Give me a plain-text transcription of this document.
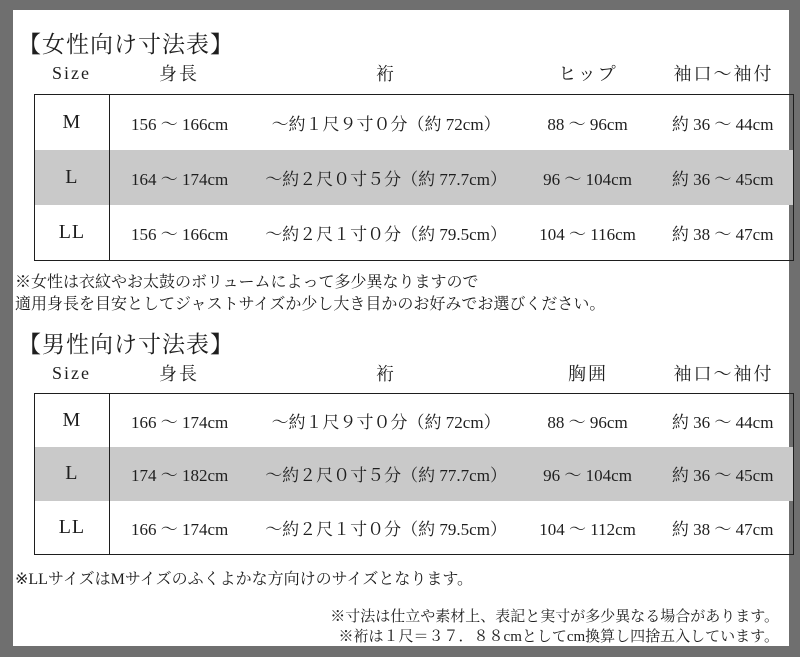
【女性向け寸法表】
Size	身長	裄	ヒップ	袖口～袖付
M	156 ～ 166cm	～約１尺９寸０分（約 72cm）	88 ～ 96cm	約 36 ～ 44cm
L	164 ～ 174cm	～約２尺０寸５分（約 77.7cm）	96 ～ 104cm	約 36 ～ 45cm
LL	156 ～ 166cm	～約２尺１寸０分（約 79.5cm）	104 ～ 116cm	約 38 ～ 47cm
※女性は衣紋やお太鼓のボリュームによって多少異なりますので
適用身長を目安としてジャストサイズか少し大き目かのお好みでお選びください。
【男性向け寸法表】
Size	身長	裄	胸囲	袖口～袖付
M	166 ～ 174cm	～約１尺９寸０分（約 72cm）	88 ～ 96cm	約 36 ～ 44cm
L	174 ～ 182cm	～約２尺０寸５分（約 77.7cm）	96 ～ 104cm	約 36 ～ 45cm
LL	166 ～ 174cm	～約２尺１寸０分（約 79.5cm）	104 ～ 112cm	約 38 ～ 47cm
※LLサイズはMサイズのふくよかな方向けのサイズとなります。
※寸法は仕立や素材上、表記と実寸が多少異なる場合があります。
※裄は１尺＝３７．８８cmとしてcm換算し四捨五入しています。
